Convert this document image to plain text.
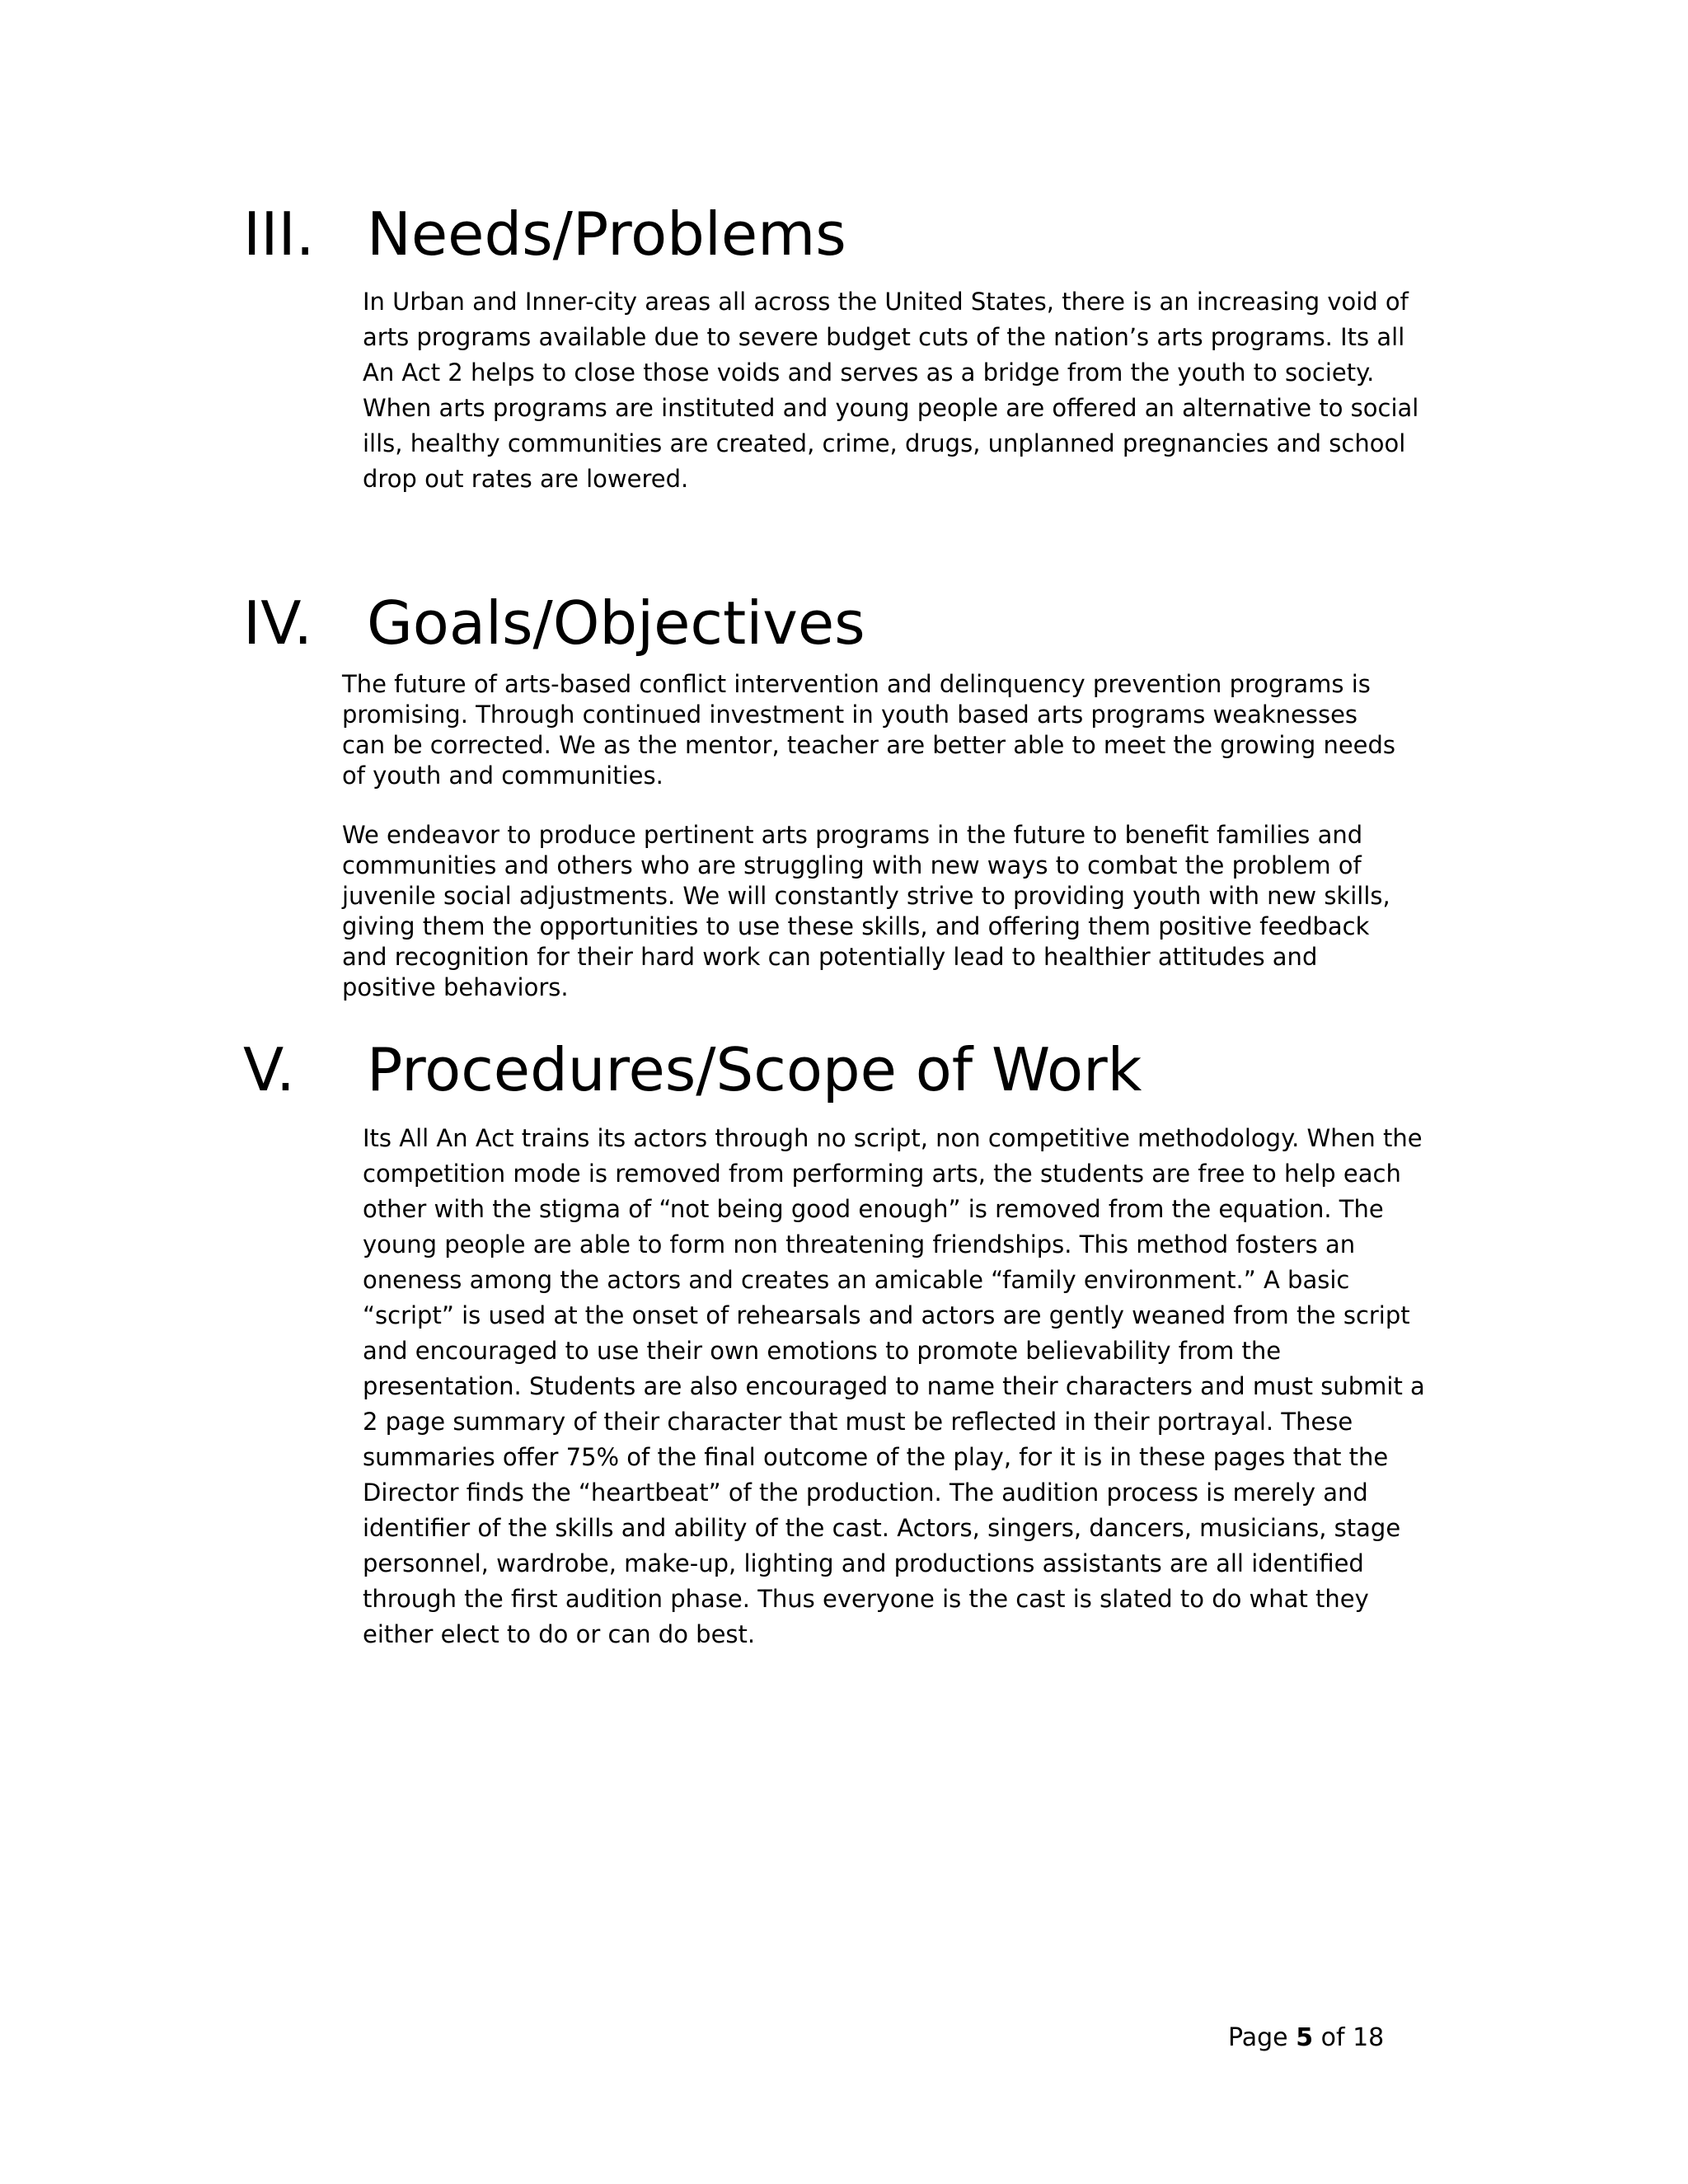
III. Needs/Problems

In Urban and Inner-city areas all across the United States, there is an increasing void of arts programs available due to severe budget cuts of the nation’s arts programs. Its all An Act 2 helps to close those voids and serves as a bridge from the youth to society. When arts programs are instituted and young people are offered an alternative to social ills, healthy communities are created, crime, drugs, unplanned pregnancies and school drop out rates are lowered.

IV. Goals/Objectives

The future of arts-based conflict intervention and delinquency prevention programs is promising. Through continued investment in youth based arts programs weaknesses can be corrected. We as the mentor, teacher are better able to meet the growing needs of youth and communities.

We endeavor to produce pertinent arts programs in the future to benefit families and communities and others who are struggling with new ways to combat the problem of juvenile social adjustments. We will constantly strive to providing youth with new skills, giving them the opportunities to use these skills, and offering them positive feedback and recognition for their hard work can potentially lead to healthier attitudes and positive behaviors.

V. Procedures/Scope of Work

Its All An Act trains its actors through no script, non competitive methodology. When the competition mode is removed from performing arts, the students are free to help each other with the stigma of “not being good enough” is removed from the equation. The young people are able to form non threatening friendships. This method fosters an oneness among the actors and creates an amicable “family environment.” A basic “script” is used at the onset of rehearsals and actors are gently weaned from the script and encouraged to use their own emotions to promote believability from the presentation. Students are also encouraged to name their characters and must submit a 2 page summary of their character that must be reflected in their portrayal. These summaries offer 75% of the final outcome of the play, for it is in these pages that the Director finds the “heartbeat” of the production. The audition process is merely and identifier of the skills and ability of the cast. Actors, singers, dancers, musicians, stage personnel, wardrobe, make-up, lighting and productions assistants are all identified through the first audition phase. Thus everyone is the cast is slated to do what they either elect to do or can do best.

Page 5 of 18
